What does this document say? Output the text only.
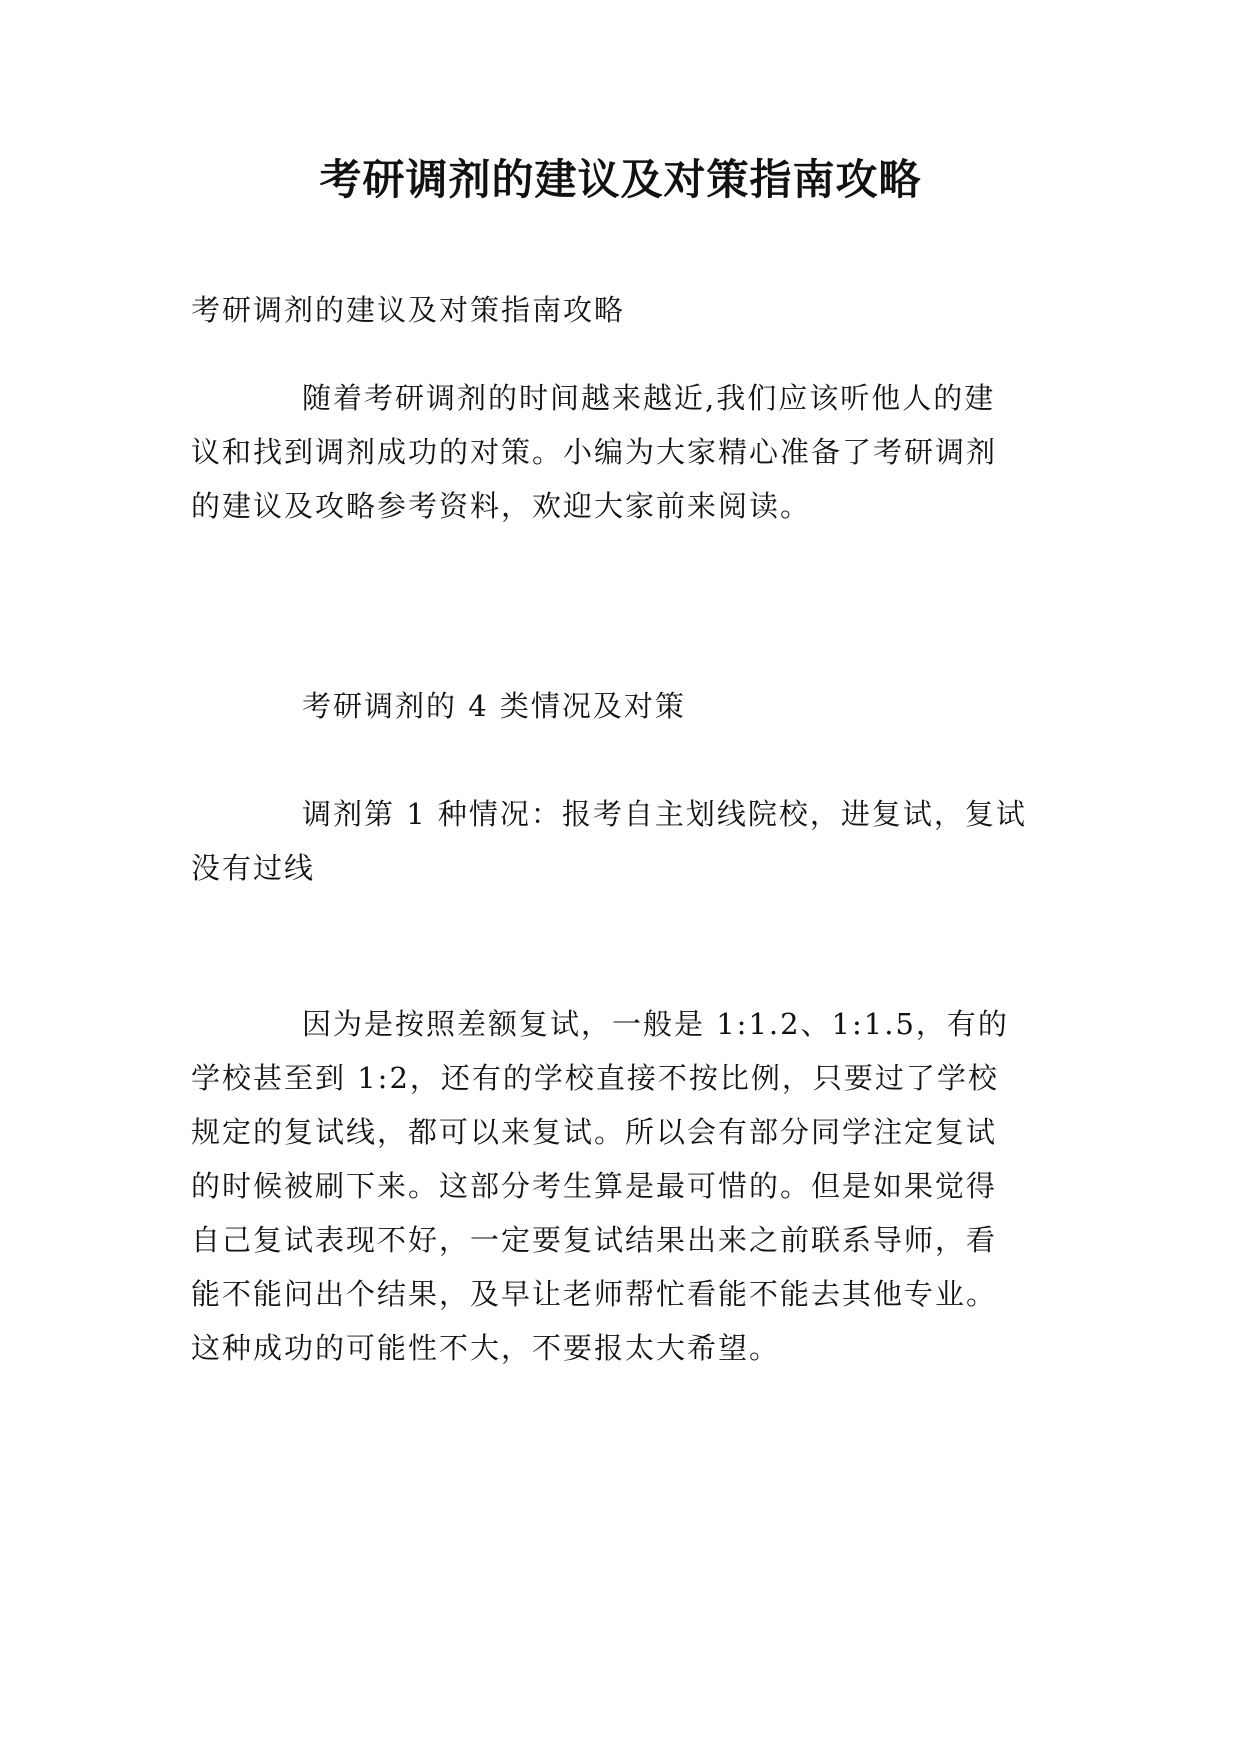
考研调剂的建议及对策指南攻略
考研调剂的建议及对策指南攻略
随着考研调剂的时间越来越近,我们应该听他人的建
议和找到调剂成功的对策。小编为大家精心准备了考研调剂
的建议及攻略参考资料，欢迎大家前来阅读。
考研调剂的 4 类情况及对策
调剂第 1 种情况：报考自主划线院校，进复试，复试
没有过线
因为是按照差额复试，一般是 1:1.2、1:1.5，有的
学校甚至到 1:2，还有的学校直接不按比例，只要过了学校
规定的复试线，都可以来复试。所以会有部分同学注定复试
的时候被刷下来。这部分考生算是最可惜的。但是如果觉得
自己复试表现不好，一定要复试结果出来之前联系导师，看
能不能问出个结果，及早让老师帮忙看能不能去其他专业。
这种成功的可能性不大，不要报太大希望。
